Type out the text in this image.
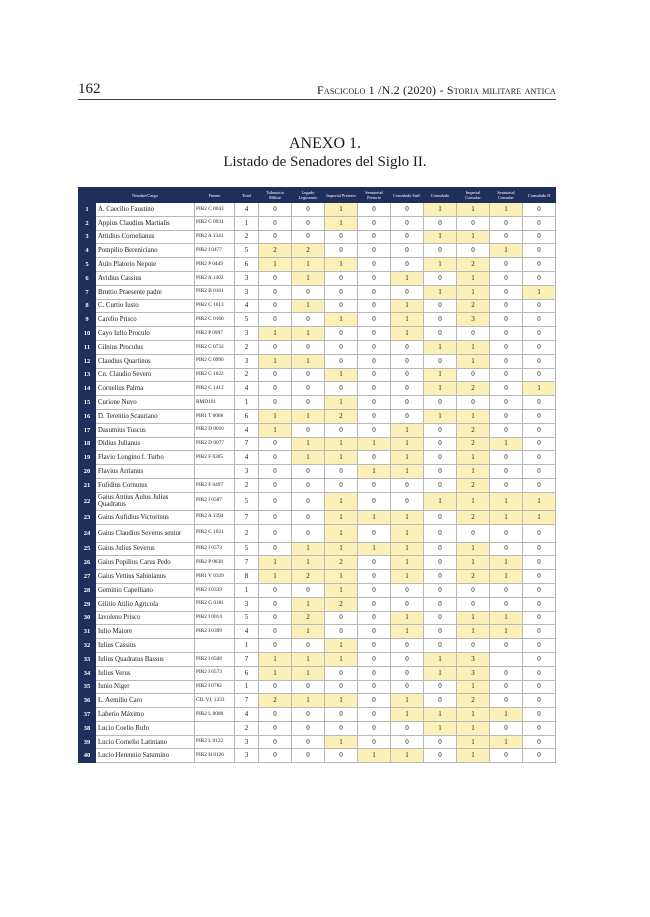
162	Fascicolo 1 /N.2 (2020) - Storia militare antica
ANEXO 1.
Listado de Senadores del Siglo II.
	Nombre/Cargo	Fuente	Total	Tribunicio Militar	Legado Legionario	Imperial Pretorio	Senatorial Pretorio	Consulado Suff.	Consulado	Imperial Consular	Senatorial Consular	Consulado II
1	A. Caecilio Faustino	PIR2 C 0043	4	0	0	1	0	0	1	1	1	0
2	Appius Claudius Martialis	PIR2 C 0931	1	0	0	1	0	0	0	0	0	0
3	Attidius Cornelianus	PIR2 A 1341	2	0	0	0	0	0	1	1	0	0
4	Pompilio Bereniciano	PIR2 I 0477	5	2	2	0	0	0	0	0	1	0
5	Aulo Platorio Nepote	PIR2 P 0449	6	1	1	1	0	0	1	2	0	0
6	Avidius Cassius	PIR2 A 1402	3	0	1	0	0	1	0	1	0	0
7	Bruttio Praesente padre	PIR2 B 0161	3	0	0	0	0	0	1	1	0	1
8	C. Curtio Iusto	PIR2 C 1613	4	0	1	0	0	1	0	2	0	0
9	Carelio Prisco	PIR2 C 0160	5	0	0	1	0	1	0	3	0	0
10	Cayo Iulio Proculo	PIR2 P 0997	3	1	1	0	0	1	0	0	0	0
11	Cilnius Proculus	PIR2 C 0732	2	0	0	0	0	0	1	1	0	0
12	Claudius Quartinus	PIR2 C 0990	3	1	1	0	0	0	0	1	0	0
13	Cn. Claudio Severo	PIR2 C 1022	2	0	0	1	0	0	1	0	0	0
14	Cornelius Palma	PIR2 C 1412	4	0	0	0	0	0	1	2	0	1
15	Curione Nuvo	RMD161	1	0	0	1	0	0	0	0	0	0
16	D. Terentio Scauriano	PIR1 T 0068	6	1	1	2	0	0	1	1	0	0
17	Dasumius Tuscus	PIR2 D 0016	4	1	0	0	0	1	0	2	0	0
18	Didius Julianus	PIR2 D 0077	7	0	1	1	1	1	0	2	1	0
19	Flavio Longino f. Turbo	PIR2 F 0305	4	0	1	1	0	1	0	1	0	0
20	Flavius Arrianus		3	0	0	0	1	1	0	1	0	0
21	Fufidius Cornutus	PIR2 F 0497	2	0	0	0	0	0	0	2	0	0
22	Gaius Antius Aulus Julius Quadratus	PIR2 I 0507	5	0	0	1	0	0	1	1	1	1
23	Gaius Aufidius Victorinus	PIR2 A 1394	7	0	0	1	1	1	0	2	1	1
24	Gaius Claudius Severus senior	PIR2 C 1021	2	0	0	1	0	1	0	0	0	0
25	Gaius Julius Severus	PIR2 I 0573	5	0	1	1	1	1	0	1	0	0
26	Gaius Popilius Carus Pedo	PIR2 P 0838	7	1	1	2	0	1	0	1	1	0
27	Gaius Vettius Sabinianus	PIR1 V 0339	8	1	2	1	0	1	0	2	1	0
28	Geminio Capelliano	PIR2 I 0339	1	0	0	1	0	0	0	0	0	0
29	Gilitio Atilio Agricola	PIR2 G 0181	3	0	1	2	0	0	0	0	0	0
30	Iavoleno Prisco	PIR2 I 0014	5	0	2	0	0	1	0	1	1	0
31	Iulio Maiore	PIR2 I 0399	4	0	1	0	0	1	0	1	1	0
32	Iulius Cassius		1	0	0	1	0	0	0	0	0	0
33	Iulius Quadratus Bassus	PIR2 I 0508	7	1	1	1	0	0	1	3		0
34	Iulius Verus	PIR2 I 0573	6	1	1	0	0	0	1	3	0	0
35	Iunio Niger	PIR2 I 0782	1	0	0	0	0	0	0	1	0	0
36	L. Aemilio Caro	CIL VI, 1333	7	2	1	1	0	1	0	2	0	0
37	Laberio Máximo	PIR2 L 0008	4	0	0	0	0	1	1	1	1	0
38	Lucio Coelio Rufo		2	0	0	0	0	0	1	1	0	0
39	Lucio Cornelio Latiniano	PIR2 L 0122	3	0	0	1	0	0	0	1	1	0
40	Lucio Herennio Saturnino	PIR2 H 0126	3	0	0	0	1	1	0	1	0	0
